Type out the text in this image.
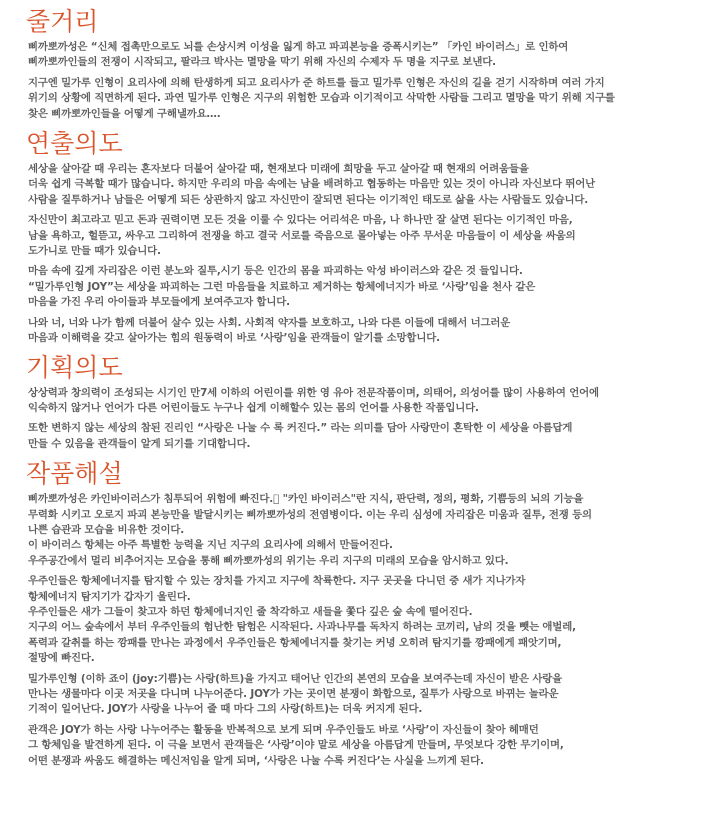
줄거리
삐까뽀까성은 “신체 접촉만으로도 뇌를 손상시켜 이성을 잃게 하고 파괴본능을 증폭시키는” 「카인 바이러스」로 인하여
삐까뽀까인들의 전쟁이 시작되고, 팔라크 박사는 멸망을 막기 위해 자신의 수제자 두 명을 지구로 보낸다.
지구엔 밀가루 인형이 요리사에 의해 탄생하게 되고 요리사가 준 하트를 들고 밀가루 인형은 자신의 길을 걷기 시작하며 여러 가지
위기의 상황에 직면하게 된다. 과연 밀가루 인형은 지구의 위험한 모습과 이기적이고 삭막한 사람들 그리고 멸망을 막기 위해 지구를
찾은 삐까뽀까인들을 어떻게 구해낼까요….
연출의도
세상을 살아갈 때 우리는 혼자보다 더불어 살아갈 때, 현재보다 미래에 희망을 두고 살아갈 때 현재의 어려움들을
더욱 쉽게 극복할 때가 많습니다. 하지만 우리의 마음 속에는 남을 배려하고 협동하는 마음만 있는 것이 아니라 자신보다 뛰어난
사람을 질투하거나 남들은 어떻게 되든 상관하지 않고 자신만이 잘되면 된다는 이기적인 태도로 삶을 사는 사람들도 있습니다.
자신만이 최고라고 믿고 돈과 권력이면 모든 것을 이룰 수 있다는 어리석은 마음, 나 하나만 잘 살면 된다는 이기적인 마음,
남을 욕하고, 헐뜯고, 싸우고 그리하여 전쟁을 하고 결국 서로를 죽음으로 몰아넣는 아주 무서운 마음들이 이 세상을 싸움의
도가니로 만들 때가 있습니다.
마음 속에 깊게 자리잡은 이런 분노와 질투,시기 등은 인간의 몸을 파괴하는 악성 바이러스와 같은 것 들입니다.
“밀가루인형 JOY”는 세상을 파괴하는 그런 마음들을 치료하고 제거하는 항체에너지가 바로 ‘사랑’임을 천사 같은
마음을 가진 우리 아이들과 부모들에게 보여주고자 합니다.
나와 너, 너와 나가 함께 더불어 살수 있는 사회. 사회적 약자를 보호하고, 나와 다른 이들에 대해서 너그러운
마음과 이해력을 갖고 살아가는 힘의 원동력이 바로 ‘사랑’임을 관객들이 알기를 소망합니다.
기획의도
상상력과 창의력이 조성되는 시기인 만7세 이하의 어린이를 위한 영 유아 전문작품이며, 의태어, 의성어를 많이 사용하여 언어에
익숙하지 않거나 언어가 다른 어린이들도 누구나 쉽게 이해할수 있는 몸의 언어를 사용한 작품입니다.
또한 변하지 않는 세상의 참된 진리인 “사랑은 나눌 수 록 커진다.” 라는 의미를 담아 사랑만이 혼탁한 이 세상을 아름답게
만들 수 있음을 관객들이 알게 되기를 기대합니다.
작품해설
삐까뽀까성은 카인바이러스가 침투되어 위험에 빠진다.  "카인 바이러스"란 지식, 판단력, 정의, 평화, 기쁨등의 뇌의 기능을
무력화 시키고 오로지 파괴 본능만을 발달시키는 삐까뽀까성의 전염병이다. 이는 우리 심성에 자리잡은 미움과 질투, 전쟁 등의
나쁜 습관과 모습을 비유한 것이다.
이 바이러스 항체는 아주 특별한 능력을 지닌 지구의 요리사에 의해서 만들어진다.
우주공간에서 멀리 비추어지는 모습을 통해 삐까뽀까성의 위기는 우리 지구의 미래의 모습을 암시하고 있다.
우주인들은 항체에너지를 탐지할 수 있는 장치를 가지고 지구에 착륙한다. 지구 곳곳을 다니던 중 새가 지나가자
항체에너지 탐지기가 갑자기 울린다.
우주인들은 새가 그들이 찾고자 하던 항체에너지인 줄 착각하고 새들을 쫓다 깊은 숲 속에 떨어진다.
지구의 어느 숲속에서 부터 우주인들의 험난한 탐험은 시작된다. 사과나무를 독차지 하려는 코끼리, 남의 것을 뺏는 애벌레,
폭력과 갈취를 하는 깡패를 만나는 과정에서 우주인들은 항체에너지를 찾기는 커녕 오히려 탐지기를 깡패에게 패앗기며,
절망에 빠진다.
밀가루인형 (이하 죠이 (joy:기쁨)는 사랑(하트)을 가지고 태어난 인간의 본연의 모습을 보여주는데 자신이 받은 사랑을
만나는 생물마다 이곳 저곳을 다니며 나누어준다. JOY가 가는 곳이면 분쟁이 화합으로, 질투가 사랑으로 바뀌는 놀라운
기적이 일어난다. JOY가 사랑을 나누어 줄 때 마다 그의 사랑(하트)는 더욱 커지게 된다.
관객은 JOY가 하는 사랑 나누어주는 활동을 반복적으로 보게 되며 우주인들도 바로 ‘사랑’이 자신들이 찾아 헤매던
그 항체임을 발견하게 된다. 이 극을 보면서 관객들은 ‘사랑’이야 말로 세상을 아름답게 만들며, 무엇보다 강한 무기이며,
어떤 분쟁과 싸움도 해결하는 메신저임을 알게 되며, ‘사랑은 나눌 수록 커진다’는 사실을 느끼게 된다.
